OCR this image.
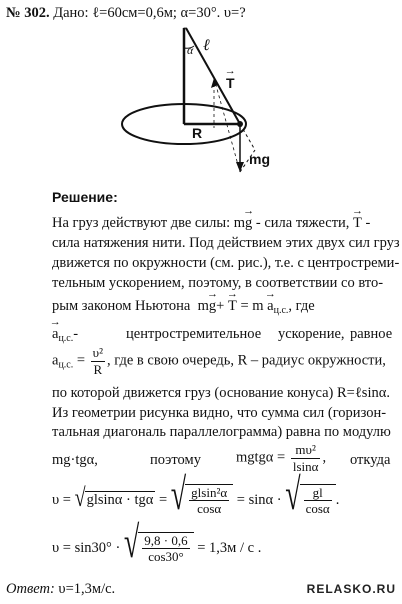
№ 302. Дано: ℓ=60см=0,6м; α=30°. υ=?
α ℓ
→ T
R
mg
Решение:
На груз действуют две силы: m→ g - сила тяжести, → T -
сила натяжения нити. Под действием этих двух сил груз
движется по окружности (см. рис.), т.е. с центростреми-
тельным ускорением, поэтому, в соответствии со вто-
рым законом Ньютона $m\to g+ \to T = m \to a_{ц.с.}$, где
→ $a_{ц.с.}-$	центростремительное ускорение, равное
$a_{ц.с.} = \frac{\text{υ²}}{R}$ , где в свою очередь, R – радиус окружности,
по которой движется груз (основание конуса) R=ℓsinα.
Из геометрии рисунка видно, что сумма сил (горизон-
тальная диагональ параллелограмма) равна по модулю
mg·tgα,	поэтому mgtgα = $\frac{\text{mυ²}}{lsin\alpha}$ , откуда
υ = √glsinα · tgα = √ $\frac{\text{glsin²α}}{\cos\alpha} = \sin\alpha$ · √ $\frac{gl}{\cos\alpha}$ .
υ = sin30° · √ $\frac{9,8 \cdot 0,6}{\cos 30^\circ} = 1,3м / с$ .
Ответ: υ=1,3м/с.	RELASKO.RU
